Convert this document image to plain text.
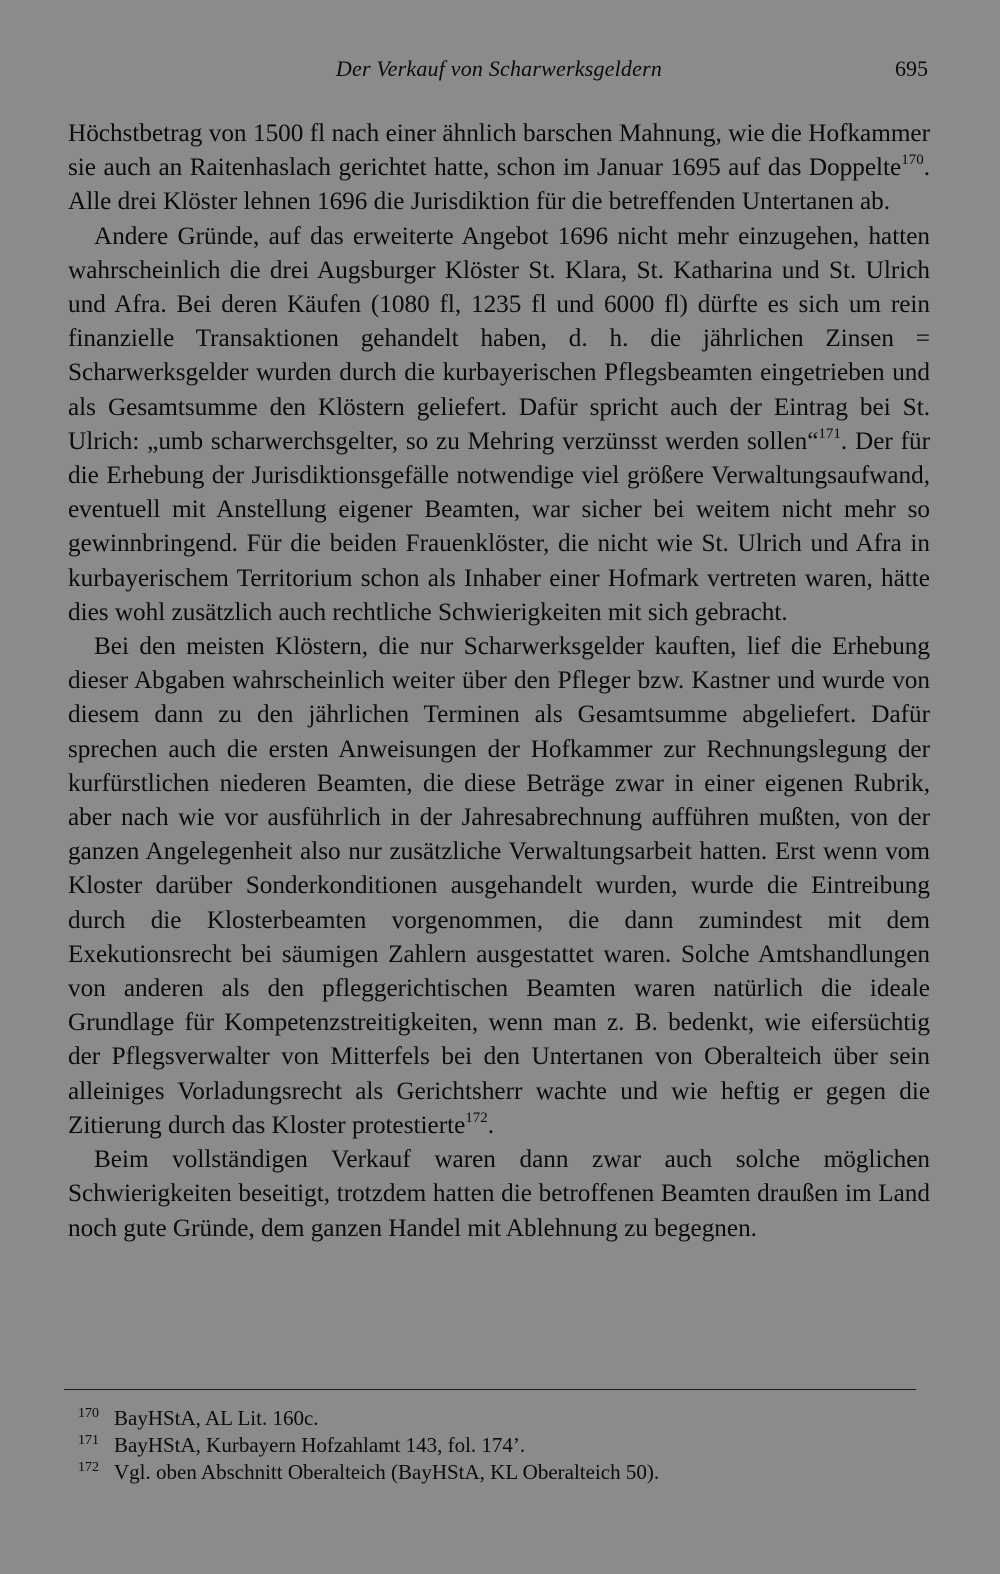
Der Verkauf von Scharwerksgeldern	695

Höchstbetrag von 1500 fl nach einer ähnlich barschen Mahnung, wie die Hofkammer sie auch an Raitenhaslach gerichtet hatte, schon im Januar 1695 auf das Doppelte$^{170}$. Alle drei Klöster lehnen 1696 die Jurisdiktion für die betreffenden Untertanen ab.

Andere Gründe, auf das erweiterte Angebot 1696 nicht mehr einzugehen, hatten wahrscheinlich die drei Augsburger Klöster St. Klara, St. Katharina und St. Ulrich und Afra. Bei deren Käufen (1080 fl, 1235 fl und 6000 fl) dürfte es sich um rein finanzielle Transaktionen gehandelt haben, d. h. die jährlichen Zinsen = Scharwerksgelder wurden durch die kurbayerischen Pflegsbeamten eingetrieben und als Gesamtsumme den Klöstern geliefert. Dafür spricht auch der Eintrag bei St. Ulrich: „umb scharwerchsgelter, so zu Mehring verzünsst werden sollen“$^{171}$. Der für die Erhebung der Jurisdiktionsgefälle notwendige viel größere Verwaltungsaufwand, eventuell mit Anstellung eigener Beamten, war sicher bei weitem nicht mehr so gewinnbringend. Für die beiden Frauenklöster, die nicht wie St. Ulrich und Afra in kurbayerischem Territorium schon als Inhaber einer Hofmark vertreten waren, hätte dies wohl zusätzlich auch rechtliche Schwierigkeiten mit sich gebracht.

Bei den meisten Klöstern, die nur Scharwerksgelder kauften, lief die Erhebung dieser Abgaben wahrscheinlich weiter über den Pfleger bzw. Kastner und wurde von diesem dann zu den jährlichen Terminen als Gesamtsumme abgeliefert. Dafür sprechen auch die ersten Anweisungen der Hofkammer zur Rechnungslegung der kurfürstlichen niederen Beamten, die diese Beträge zwar in einer eigenen Rubrik, aber nach wie vor ausführlich in der Jahresabrechnung aufführen mußten, von der ganzen Angelegenheit also nur zusätzliche Verwaltungsarbeit hatten. Erst wenn vom Kloster darüber Sonderkonditionen ausgehandelt wurden, wurde die Eintreibung durch die Klosterbeamten vorgenommen, die dann zumindest mit dem Exekutionsrecht bei säumigen Zahlern ausgestattet waren. Solche Amtshandlungen von anderen als den pfleggerichtischen Beamten waren natürlich die ideale Grundlage für Kompetenzstreitigkeiten, wenn man z. B. bedenkt, wie eifersüchtig der Pflegsverwalter von Mitterfels bei den Untertanen von Oberalteich über sein alleiniges Vorladungsrecht als Gerichtsherr wachte und wie heftig er gegen die Zitierung durch das Kloster protestierte$^{172}$.

Beim vollständigen Verkauf waren dann zwar auch solche möglichen Schwierigkeiten beseitigt, trotzdem hatten die betroffenen Beamten draußen im Land noch gute Gründe, dem ganzen Handel mit Ablehnung zu begegnen.

170 BayHStA, AL Lit. 160c.
171 BayHStA, Kurbayern Hofzahlamt 143, fol. 174’.
172 Vgl. oben Abschnitt Oberalteich (BayHStA, KL Oberalteich 50).
